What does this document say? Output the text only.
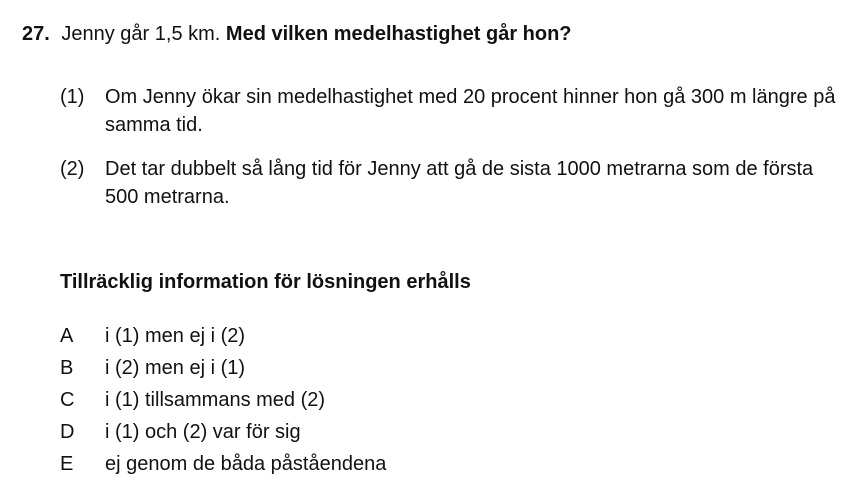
27. Jenny går 1,5 km. Med vilken medelhastighet går hon?
(1) Om Jenny ökar sin medelhastighet med 20 procent hinner hon gå 300 m längre på samma tid.
(2) Det tar dubbelt så lång tid för Jenny att gå de sista 1000 metrarna som de första 500 metrarna.
Tillräcklig information för lösningen erhålls
A i (1) men ej i (2)
B i (2) men ej i (1)
C i (1) tillsammans med (2)
D i (1) och (2) var för sig
E ej genom de båda påståendena
